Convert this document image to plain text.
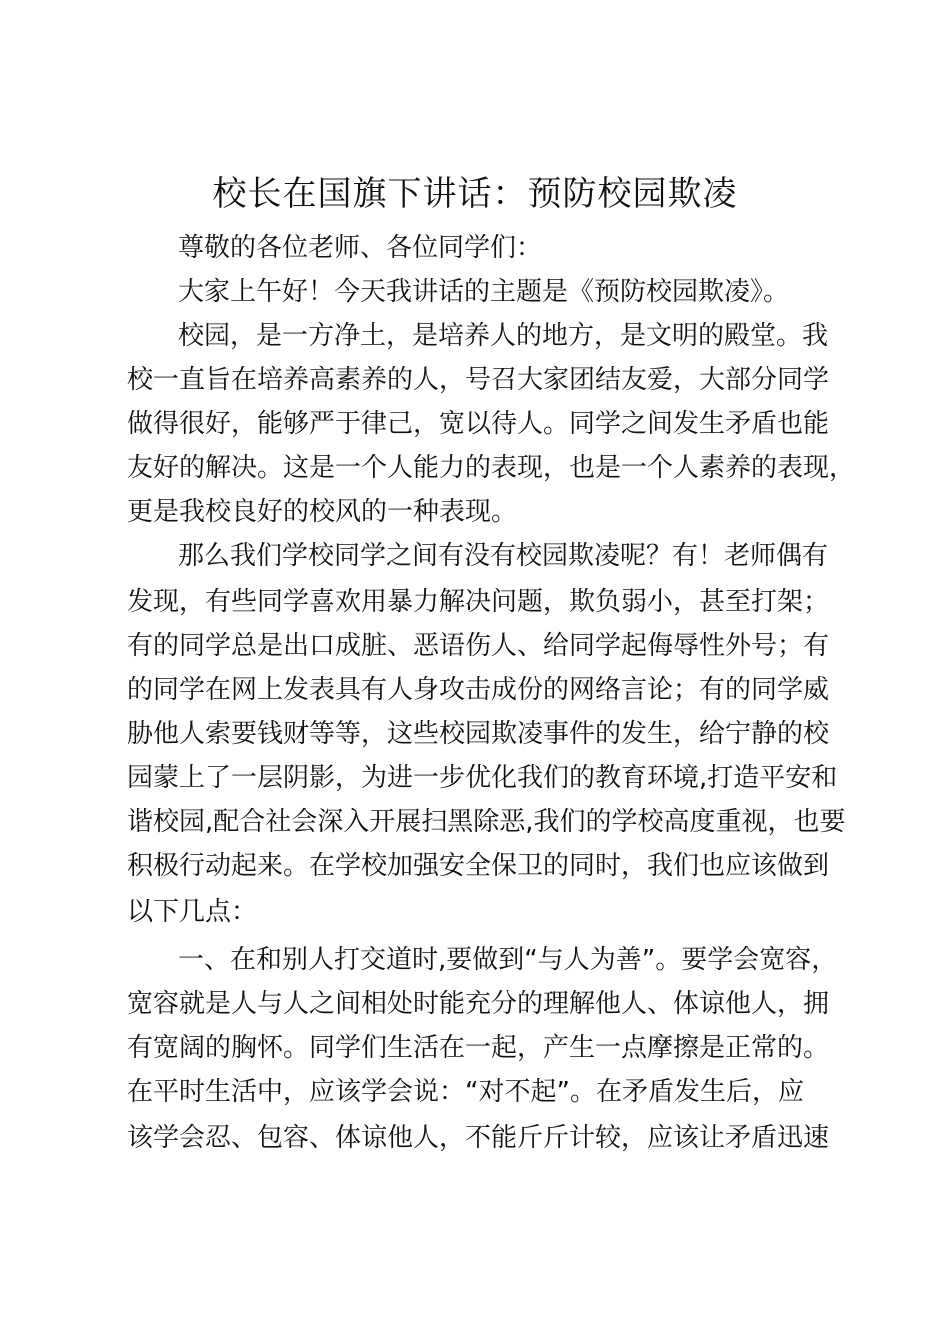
校长在国旗下讲话：预防校园欺凌
尊敬的各位老师、各位同学们：
大家上午好！今天我讲话的主题是《预防校园欺凌》。
校园，是一方净土，是培养人的地方，是文明的殿堂。我
校一直旨在培养高素养的人，号召大家团结友爱，大部分同学
做得很好，能够严于律己，宽以待人。同学之间发生矛盾也能
友好的解决。这是一个人能力的表现，也是一个人素养的表现，
更是我校良好的校风的一种表现。
那么我们学校同学之间有没有校园欺凌呢？有！老师偶有
发现，有些同学喜欢用暴力解决问题，欺负弱小，甚至打架；
有的同学总是出口成脏、恶语伤人、给同学起侮辱性外号；有
的同学在网上发表具有人身攻击成份的网络言论；有的同学威
胁他人索要钱财等等，这些校园欺凌事件的发生，给宁静的校
园蒙上了一层阴影，为进一步优化我们的教育环境,打造平安和
谐校园,配合社会深入开展扫黑除恶,我们的学校高度重视，也要
积极行动起来。在学校加强安全保卫的同时，我们也应该做到
以下几点：
一、在和别人打交道时,要做到“与人为善”。要学会宽容，
宽容就是人与人之间相处时能充分的理解他人、体谅他人，拥
有宽阔的胸怀。同学们生活在一起，产生一点摩擦是正常的。
在平时生活中，应该学会说：“对不起”。在矛盾发生后，应
该学会忍、包容、体谅他人，不能斤斤计较，应该让矛盾迅速
